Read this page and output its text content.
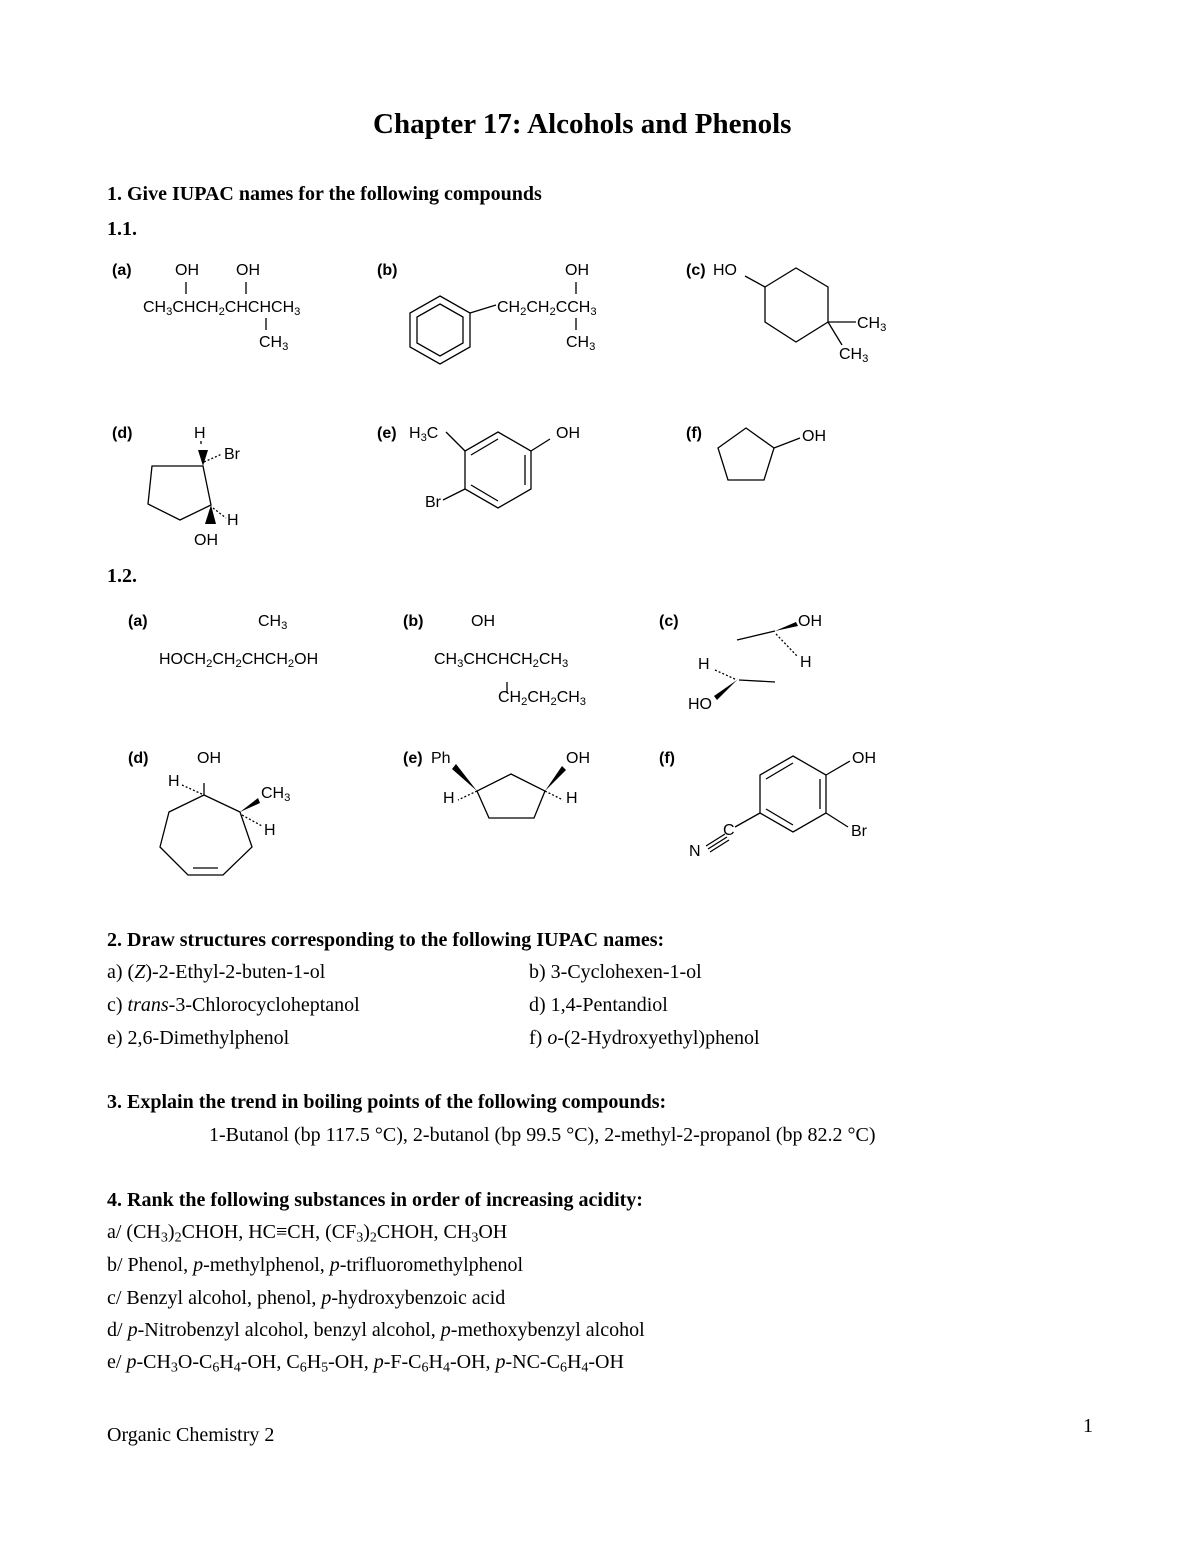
Chapter 17: Alcohols and Phenols
1. Give IUPAC names for the following compounds
1.1.
(a)	OH OH
$CH_3CHCH_2CHCHCH_3$
$CH_3$
(b)	OH
$CH_2CH_2CCH_3$
$CH_3$
(c) HO
$CH_3$
$CH_3$
(d)	H
Br
H
OH
(e) $H_3C$	OH
Br
(f)	OH
1.2.
(a)	$CH_3$
$HOCH_2CH_2CHCH_2OH$
(b)	OH
$CH_3CHCHCH_2CH_3$
$CH_2CH_2CH_3$
(c)	OH
H
H
HO
(d)	OH
H
$CH_3$
H
(e) Ph	OH
H	H
(f)	OH
Br
C
N
2. Draw structures corresponding to the following IUPAC names:
a) (Z)-2-Ethyl-2-buten-1-ol	b) 3-Cyclohexen-1-ol
c) trans-3-Chlorocycloheptanol	d) 1,4-Pentandiol
e) 2,6-Dimethylphenol	f) o-(2-Hydroxyethyl)phenol
3. Explain the trend in boiling points of the following compounds:
1-Butanol (bp 117.5 °C), 2-butanol (bp 99.5 °C), 2-methyl-2-propanol (bp 82.2 °C)
4. Rank the following substances in order of increasing acidity:
a/ $(CH_3)_2CHOH$, HC≡CH, $(CF_3)_2CHOH$, $CH_3OH$
b/ Phenol, p-methylphenol, p-trifluoromethylphenol
c/ Benzyl alcohol, phenol, p-hydroxybenzoic acid
d/ p-Nitrobenzyl alcohol, benzyl alcohol, p-methoxybenzyl alcohol
e/ $p-CH_3O-C_6H_4-OH$, $C_6H_5-OH$, $p-F-C_6H_4-OH$, $p-NC-C_6H_4-OH$
Organic Chemistry 2	1
